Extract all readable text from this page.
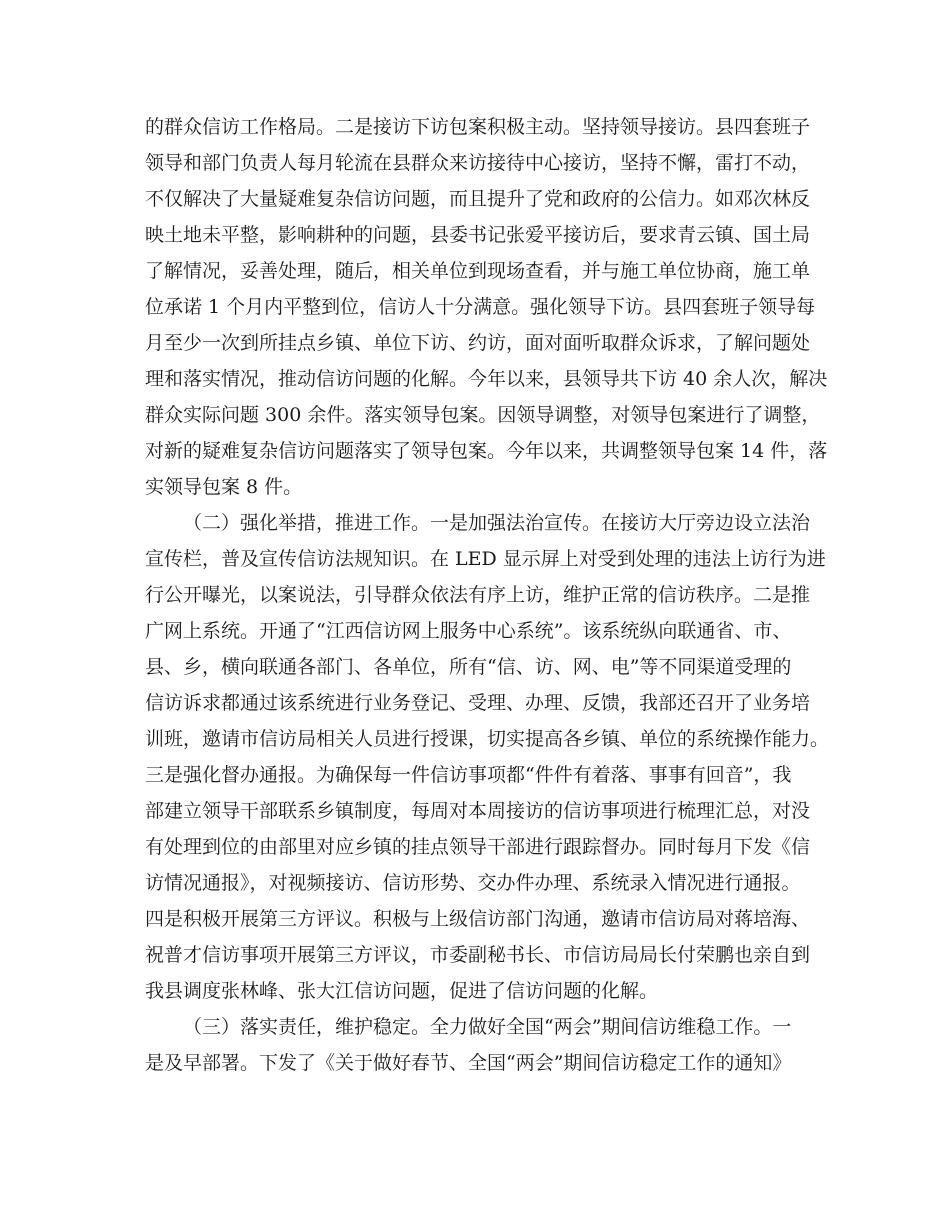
的群众信访工作格局。二是接访下访包案积极主动。坚持领导接访。县四套班子
领导和部门负责人每月轮流在县群众来访接待中心接访，坚持不懈，雷打不动，
不仅解决了大量疑难复杂信访问题，而且提升了党和政府的公信力。如邓次林反
映土地未平整，影响耕种的问题，县委书记张爱平接访后，要求青云镇、国土局
了解情况，妥善处理，随后，相关单位到现场查看，并与施工单位协商，施工单
位承诺 1 个月内平整到位，信访人十分满意。强化领导下访。县四套班子领导每
月至少一次到所挂点乡镇、单位下访、约访，面对面听取群众诉求，了解问题处
理和落实情况，推动信访问题的化解。今年以来，县领导共下访 40 余人次，解决
群众实际问题 300 余件。落实领导包案。因领导调整，对领导包案进行了调整，
对新的疑难复杂信访问题落实了领导包案。今年以来，共调整领导包案 14 件，落
实领导包案 8 件。
（二）强化举措，推进工作。一是加强法治宣传。在接访大厅旁边设立法治
宣传栏，普及宣传信访法规知识。在 LED 显示屏上对受到处理的违法上访行为进
行公开曝光，以案说法，引导群众依法有序上访，维护正常的信访秩序。二是推
广网上系统。开通了“江西信访网上服务中心系统”。该系统纵向联通省、市、
县、乡，横向联通各部门、各单位，所有“信、访、网、电”等不同渠道受理的
信访诉求都通过该系统进行业务登记、受理、办理、反馈，我部还召开了业务培
训班，邀请市信访局相关人员进行授课，切实提高各乡镇、单位的系统操作能力。
三是强化督办通报。为确保每一件信访事项都“件件有着落、事事有回音”，我
部建立领导干部联系乡镇制度，每周对本周接访的信访事项进行梳理汇总，对没
有处理到位的由部里对应乡镇的挂点领导干部进行跟踪督办。同时每月下发《信
访情况通报》，对视频接访、信访形势、交办件办理、系统录入情况进行通报。
四是积极开展第三方评议。积极与上级信访部门沟通，邀请市信访局对蒋培海、
祝普才信访事项开展第三方评议，市委副秘书长、市信访局局长付荣鹏也亲自到
我县调度张林峰、张大江信访问题，促进了信访问题的化解。
（三）落实责任，维护稳定。全力做好全国“两会”期间信访维稳工作。一
是及早部署。下发了《关于做好春节、全国“两会”期间信访稳定工作的通知》
